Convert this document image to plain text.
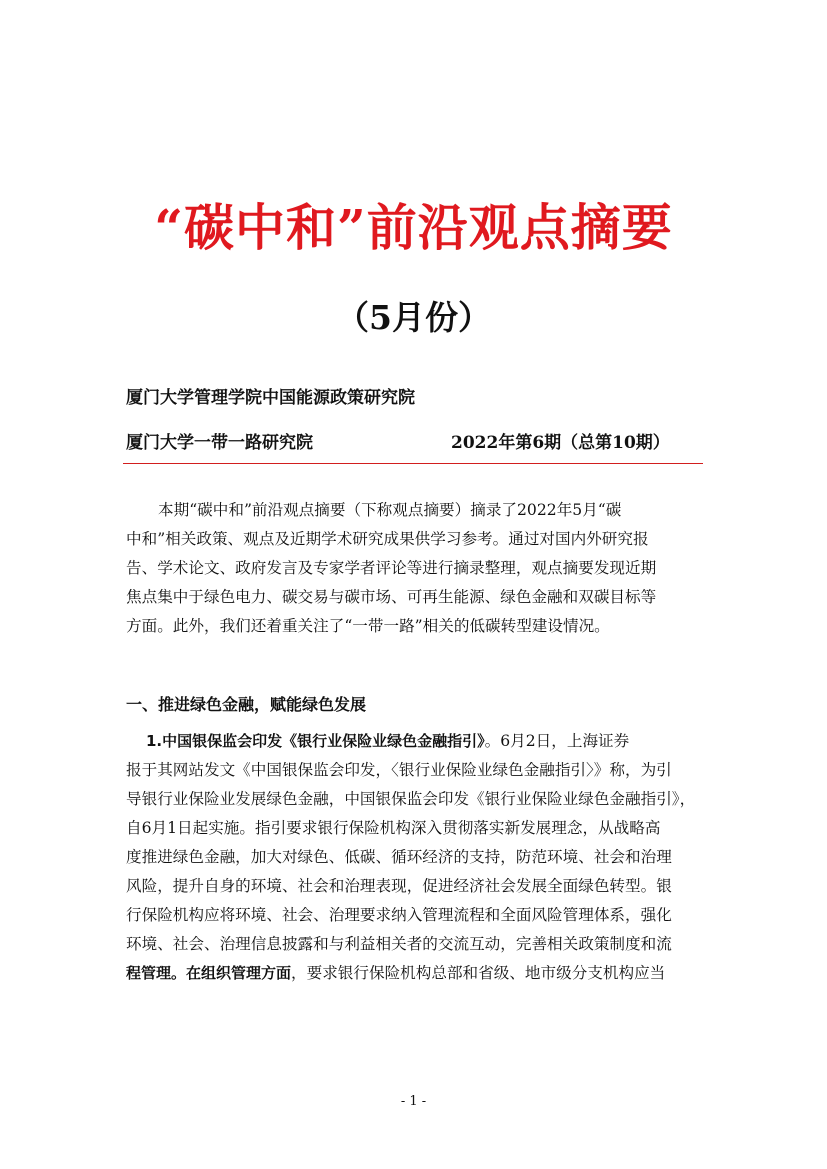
“碳中和”前沿观点摘要
（5月份）
厦门大学管理学院中国能源政策研究院
厦门大学一带一路研究院	2022年第6期（总第10期）
本期“碳中和”前沿观点摘要（下称观点摘要）摘录了2022年5月“碳
中和”相关政策、观点及近期学术研究成果供学习参考。通过对国内外研究报
告、学术论文、政府发言及专家学者评论等进行摘录整理，观点摘要发现近期
焦点集中于绿色电力、碳交易与碳市场、可再生能源、绿色金融和双碳目标等
方面。此外，我们还着重关注了“一带一路”相关的低碳转型建设情况。
一、推进绿色金融，赋能绿色发展
1.中国银保监会印发《银行业保险业绿色金融指引》。6月2日，上海证券
报于其网站发文《中国银保监会印发，〈银行业保险业绿色金融指引〉》称，为引
导银行业保险业发展绿色金融，中国银保监会印发《银行业保险业绿色金融指引》，
自6月1日起实施。指引要求银行保险机构深入贯彻落实新发展理念，从战略高
度推进绿色金融，加大对绿色、低碳、循环经济的支持，防范环境、社会和治理
风险，提升自身的环境、社会和治理表现，促进经济社会发展全面绿色转型。银
行保险机构应将环境、社会、治理要求纳入管理流程和全面风险管理体系，强化
环境、社会、治理信息披露和与利益相关者的交流互动，完善相关政策制度和流
程管理。在组织管理方面，要求银行保险机构总部和省级、地市级分支机构应当
- 1 -
